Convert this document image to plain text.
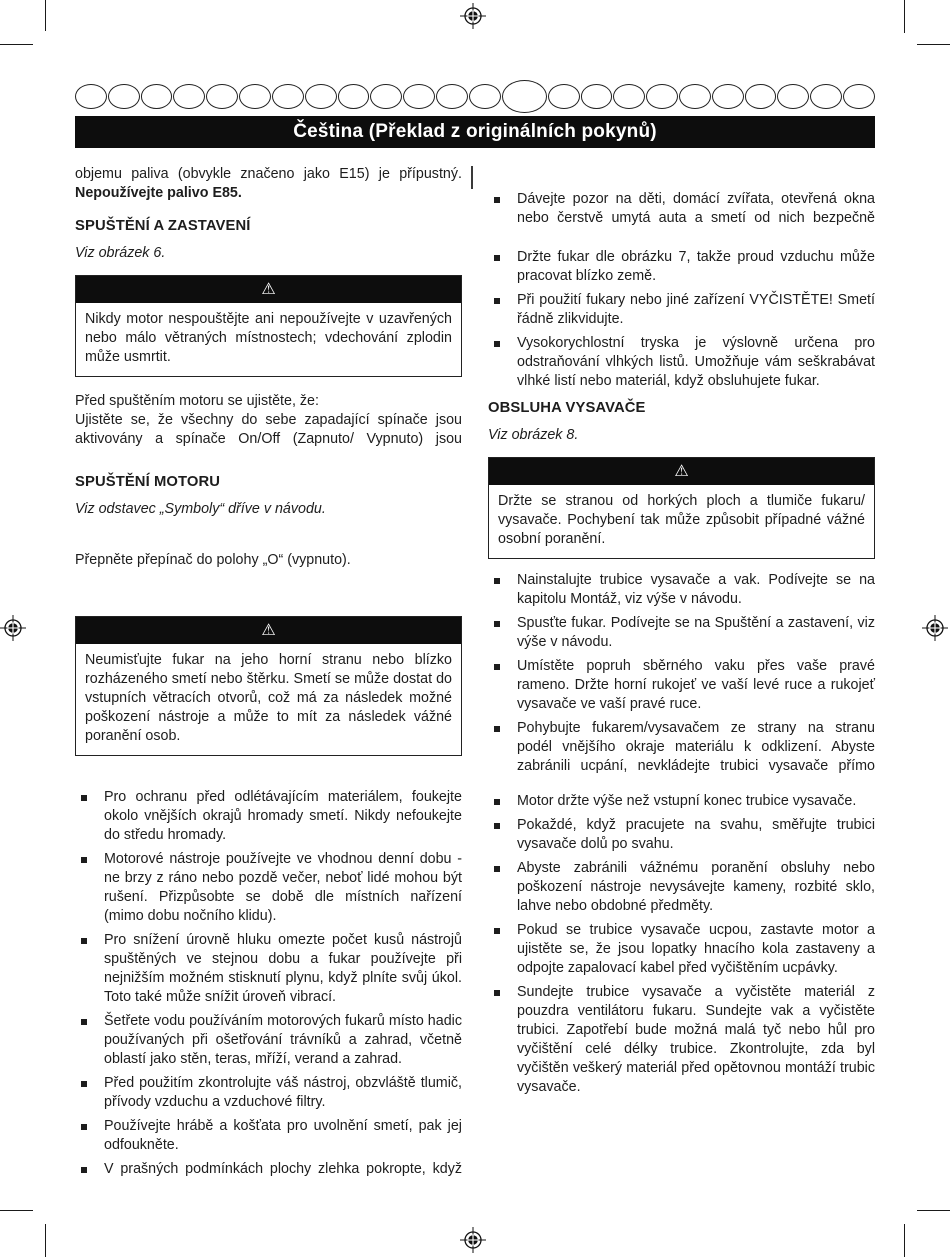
Čeština (Překlad z originálních pokynů)

objemu paliva (obvykle značeno jako E15) je přípustný.

Nepoužívejte palivo E85.

SPUŠTĚNÍ A ZASTAVENÍ

Viz obrázek 6.

⚠
Nikdy motor nespouštějte ani nepoužívejte v uzavřených nebo málo větraných místnostech; vdechování zplodin může usmrtit.

Před spuštěním motoru se ujistěte, že:

Ujistěte se, že všechny do sebe zapadající spínače jsou aktivovány a spínače On/Off (Zapnuto/ Vypnuto) jsou

SPUŠTĚNÍ MOTORU

Viz odstavec „Symboly“ dříve v návodu.

Přepněte přepínač do polohy „O“ (vypnuto).

⚠
Neumisťujte fukar na jeho horní stranu nebo blízko rozházeného smetí nebo štěrku. Smetí se může dostat do vstupních větracích otvorů, což má za následek možné poškození nástroje a může to mít za následek vážné poranění osob.
Pro ochranu před odlétávajícím materiálem, foukejte okolo vnějších okrajů hromady smetí. Nikdy nefoukejte do středu hromady.
Motorové nástroje používejte ve vhodnou denní dobu - ne brzy z ráno nebo pozdě večer, neboť lidé mohou být rušení. Přizpůsobte se době dle místních nařízení (mimo dobu nočního klidu).
Pro snížení úrovně hluku omezte počet kusů nástrojů spuštěných ve stejnou dobu a fukar používejte při nejnižším možném stisknutí plynu, když plníte svůj úkol. Toto také může snížit úroveň vibrací.
Šetřete vodu používáním motorových fukarů místo hadic používaných při ošetřování trávníků a zahrad, včetně oblastí jako stěn, teras, mříží, verand a zahrad.
Před použitím zkontrolujte váš nástroj, obzvláště tlumič, přívody vzduchu a vzduchové filtry.
Používejte hrábě a košťata pro uvolnění smetí, pak jej odfoukněte.
V prašných podmínkách plochy zlehka pokropte, když
Dávejte pozor na děti, domácí zvířata, otevřená okna nebo čerstvě umytá auta a smetí od nich bezpečně
Držte fukar dle obrázku 7, takže proud vzduchu může pracovat blízko země.
Při použití fukary nebo jiné zařízení VYČISTĚTE! Smetí řádně zlikvidujte.
Vysokorychlostní tryska je výslovně určena pro odstraňování vlhkých listů. Umožňuje vám seškrabávat vlhké listí nebo materiál, když obsluhujete fukar.
OBSLUHA VYSAVAČE

Viz obrázek 8.

⚠
Držte se stranou od horkých ploch a tlumiče fukaru/ vysavače. Pochybení tak může způsobit případné vážné osobní poranění.
Nainstalujte trubice vysavače a vak. Podívejte se na kapitolu Montáž, viz výše v návodu.
Spusťte fukar. Podívejte se na Spuštění a zastavení, viz výše v návodu.
Umístěte popruh sběrného vaku přes vaše pravé rameno. Držte horní rukojeť ve vaší levé ruce a rukojeť vysavače ve vaší pravé ruce.
Pohybujte fukarem/vysavačem ze strany na stranu podél vnějšího okraje materiálu k odklizení. Abyste zabránili ucpání, nevkládejte trubici vysavače přímo
Motor držte výše než vstupní konec trubice vysavače.
Pokaždé, když pracujete na svahu, směřujte trubici vysavače dolů po svahu.
Abyste zabránili vážnému poranění obsluhy nebo poškození nástroje nevysávejte kameny, rozbité sklo, lahve nebo obdobné předměty.
Pokud se trubice vysavače ucpou, zastavte motor a ujistěte se, že jsou lopatky hnacího kola zastaveny a odpojte zapalovací kabel před vyčištěním ucpávky.
Sundejte trubice vysavače a vyčistěte materiál z pouzdra ventilátoru fukaru. Sundejte vak a vyčistěte trubici. Zapotřebí bude možná malá tyč nebo hůl pro vyčištění celé délky trubice. Zkontrolujte, zda byl vyčištěn veškerý materiál před opětovnou montáží trubic vysavače.
